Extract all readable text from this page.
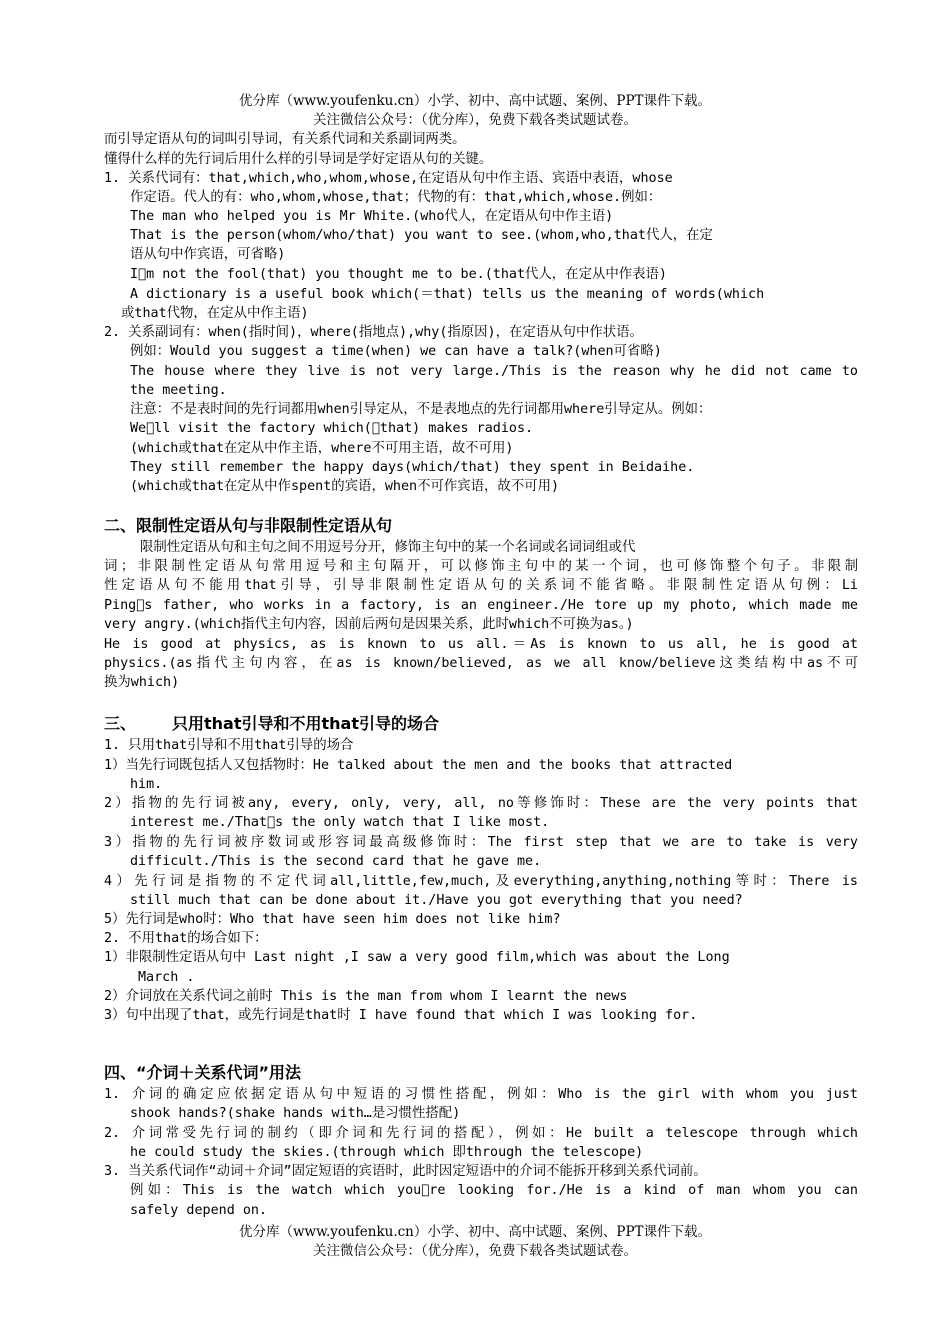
优分库（www.youfenku.cn）小学、初中、高中试题、案例、PPT课件下载。
关注微信公众号：（优分库），免费下载各类试题试卷。
而引导定语从句的词叫引导词，有关系代词和关系副词两类。
懂得什么样的先行词后用什么样的引导词是学好定语从句的关键。
1. 关系代词有：that,which,who,whom,whose,在定语从句中作主语、宾语中表语，whose
作定语。代人的有：who,whom,whose,that；代物的有：that,which,whose.例如：
The man who helped you is Mr White.(who代人，在定语从句中作主语)
That is the person(whom/who/that) you want to see.(whom,who,that代人，在定
语从句中作宾语，可省略)
I m not the fool(that) you thought me to be.(that代人，在定从中作表语)
A dictionary is a useful book which(＝that) tells us the meaning of words(which
或that代物，在定从中作主语)
2. 关系副词有：when(指时间)，where(指地点),why(指原因)，在定语从句中作状语。
例如：Would you suggest a time(when) we can have a talk?(when可省略)
The house where they live is not very large./This is the reason why he did not came to
the meeting.
注意：不是表时间的先行词都用when引导定从，不是表地点的先行词都用where引导定从。例如：
We ll visit the factory which(＝that) makes radios.
(which或that在定从中作主语，where不可用主语，故不可用)
They still remember the happy days(which/that) they spent in Beidaihe.
(which或that在定从中作spent的宾语，when不可作宾语，故不可用)
二、限制性定语从句与非限制性定语从句
限制性定语从句和主句之间不用逗号分开，修饰主句中的某一个名词或名词词组或代
词；非限制性定语从句常用逗号和主句隔开，可以修饰主句中的某一个词，也可修饰整个句子。非限制
性定语从句不能用that引导，引导非限制性定语从句的关系词不能省略。非限制性定语从句例：Li
Ping s father, who works in a factory, is an engineer./He tore up my photo, which made me
very angry.(which指代主句内容，因前后两句是因果关系，此时which不可换为as。)
He is good at physics, as is known to us all.＝As is known to us all, he is good at
physics.(as指代主句内容，在as is known/believed, as we all know/believe这类结构中as不可
换为which)
三、 只用that引导和不用that引导的场合
1. 只用that引导和不用that引导的场合
1）当先行词既包括人又包括物时：He talked about the men and the books that attracted
him.
2）指物的先行词被any, every, only, very, all, no等修饰时：These are the very points that
interest me./That s the only watch that I like most.
3）指物的先行词被序数词或形容词最高级修饰时：The first step that we are to take is very
difficult./This is the second card that he gave me.
4）先行词是指物的不定代词all,little,few,much,及everything,anything,nothing等时：There is
still much that can be done about it./Have you got everything that you need?
5）先行词是who时：Who that have seen him does not like him?
2. 不用that的场合如下：
1）非限制性定语从句中 Last night ,I saw a very good film,which was about the Long
March .
2）介词放在关系代词之前时 This is the man from whom I learnt the news
3）句中出现了that，或先行词是that时 I have found that which I was looking for.
四、“介词＋关系代词”用法
1. 介词的确定应依据定语从句中短语的习惯性搭配，例如：Who is the girl with whom you just
shook hands?(shake hands with…是习惯性搭配)
2. 介词常受先行词的制约（即介词和先行词的搭配），例如：He built a telescope through which
he could study the skies.(through which 即through the telescope)
3. 当关系代词作“动词＋介词”固定短语的宾语时，此时因定短语中的介词不能拆开移到关系代词前。
例如：This is the watch which you re looking for./He is a kind of man whom you can
safely depend on.
优分库（www.youfenku.cn）小学、初中、高中试题、案例、PPT课件下载。
关注微信公众号：（优分库），免费下载各类试题试卷。
